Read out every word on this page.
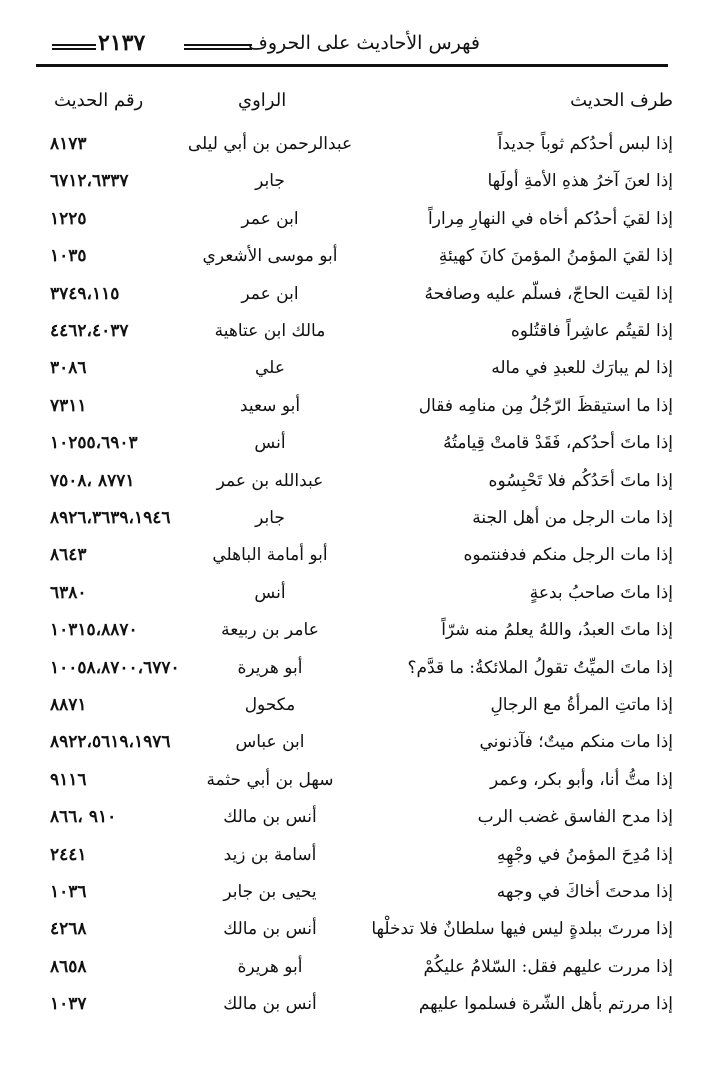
٢١٣٧	فهرس الأحاديث على الحروف
طرف الحديث
الراوي
رقم الحديث
إذا لبس أحدُكم ثوباً جديداً
عبدالرحمن بن أبي ليلى
٨١٧٣
إذا لعنَ آخرُ هذهِ الأمةِ أولَها
جابر
٦٧١٢،٦٣٣٧
إذا لقيَ أحدُكم أخاه في النهارِ مِراراً
ابن عمر
١٢٢٥
إذا لقيَ المؤمنُ المؤمنَ كانَ كهيئةِ
أبو موسى الأشعري
١٠٣٥
إذا لقيت الحاجّ، فسلّم عليه وصافحهُ
ابن عمر
٣٧٤٩،١١٥
إذا لقيتُم عاشِراً فاقتُلوه
مالك ابن عتاهية
٤٤٦٢،٤٠٣٧
إذا لم يبارَك للعبدِ في ماله
علي
٣٠٨٦
إذا ما استيقظَ الرّجُلُ مِن منامِه فقال
أبو سعيد
٧٣١١
إذا ماتَ أحدُكم، فَقَدْ قامتْ قِيامتُهُ
أنس
١٠٢٥٥،٦٩٠٣
إذا ماتَ أحَدُكُم فلا تَحْبِسُوه
عبدالله بن عمر
٨٧٧١ ،٧٥٠٨
إذا مات الرجل من أهل الجنة
جابر
٨٩٢٦،٣٦٣٩،١٩٤٦
إذا مات الرجل منكم فدفنتموه
أبو أمامة الباهلي
٨٦٤٣
إذا ماتَ صاحبُ بدعةٍ
أنس
٦٣٨٠
إذا ماتَ العبدُ، واللهُ يعلمُ منه شرّاً
عامر بن ربيعة
١٠٣١٥،٨٨٧٠
إذا ماتَ الميِّتُ تقولُ الملائكةُ: ما قدَّم؟
أبو هريرة
١٠٠٥٨،٨٧٠٠،٦٧٧٠
إذا ماتتِ المرأةُ مع الرجالِ
مكحول
٨٨٧١
إذا مات منكم ميتٌ؛ فآذنوني
ابن عباس
٨٩٢٢،٥٦١٩،١٩٧٦
إذا متُّ أنا، وأبو بكر، وعمر
سهل بن أبي حثمة
٩١١٦
إذا مدح الفاسق غضب الرب
أنس بن مالك
٩١٠ ،٨٦٦
إذا مُدِحَ المؤمنُ في وجْهِهِ
أسامة بن زيد
٢٤٤١
إذا مدحتَ أخاكَ في وجهه
يحيى بن جابر
١٠٣٦
إذا مررتَ ببلدةٍ ليس فيها سلطانٌ فلا تدخلْها
أنس بن مالك
٤٢٦٨
إذا مررت عليهم فقل: السّلامُ عليكُمْ
أبو هريرة
٨٦٥٨
إذا مررتم بأهل الشّرة فسلموا عليهم
أنس بن مالك
١٠٣٧
